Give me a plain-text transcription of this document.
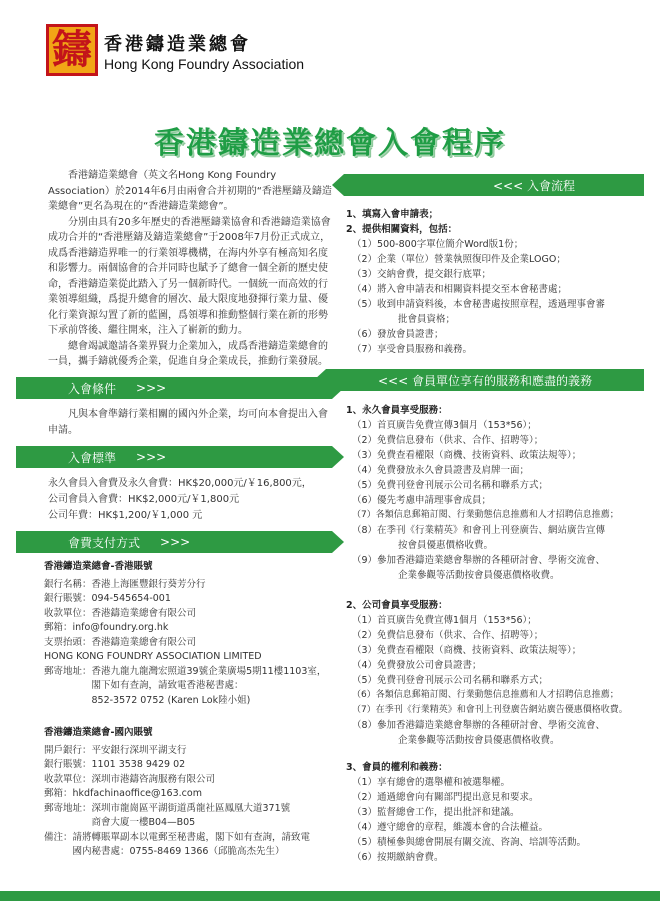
鑄 香港鑄造業總會
Hong Kong Foundry Association
香港鑄造業總會入會程序

香港鑄造業總會（英文名Hong Kong Foundry Association）於2014年6月由兩會合并初期的“香港壓鑄及鑄造業總會”更名為現在的“香港鑄造業總會”。

分別由具有20多年歷史的香港壓鑄業協會和香港鑄造業協會成功合并的“香港壓鑄及鑄造業總會”于2008年7月份正式成立，成爲香港鑄造界唯一的行業領導機構，在海内外享有極高知名度和影響力。兩個協會的合并同時也賦予了總會一個全新的歷史使命，香港鑄造業從此踏入了另一個新時代。一個統一而高效的行業領導組織，爲提升總會的層次、最大限度地發揮行業力量、優化行業資源勾置了新的藍圖，爲領導和推動整個行業在新的形勢下承前啓後、繼往開來，注入了嶄新的動力。

總會竭誠邀請各業界賢力企業加入，成爲香港鑄造業總會的一員，攜手鑄就優秀企業，促進自身企業成長，推動行業發展。

入會條件 >>>

凡與本會準鑄行業相關的國內外企業，均可向本會提出入會申請。

入會標準 >>>
永久會員入會費及永久會費：HK$20,000元/￥16,800元，
公司會員入會費：HK$2,000元/￥1,800元
公司年費：HK$1,200/￥1,000 元
會費支付方式 >>>
香港鑄造業總會-香港賬號
銀行名稱：香港上海匯豐銀行葵芳分行
銀行賬號：094-545654-001
收款單位：香港鑄造業總會有限公司
郵箱：info@foundry.org.hk
支票抬頭：香港鑄造業總會有限公司
HONG KONG FOUNDRY ASSOCIATION LIMITED
郵寄地址：香港九龍九龍灣宏照道39號企業廣場5期11樓1103室，
　　　　　閣下如有查詢，請致電香港秘書處：
　　　　　852-3572 0752 (Karen Lok陸小姐)
香港鑄造業總會-國內賬號
開戶銀行：平安銀行深圳平湖支行
銀行賬號：1101 3538 9429 02
收款單位：深圳市港鑄咨詢服務有限公司
郵箱：hkdfachinaoffice@163.com
郵寄地址：深圳市龍崗區平湖街道禹龍社區鳳凰大道371號
　　　　　商會大廈一樓B04—B05
備注：請將轉賬單副本以電郵至秘書處，閣下如有查詢，請致電
　　　國内秘書處：0755-8469 1366（邱脆高杰先生）
<<< 入會流程
1、填寫入會申請表；
2、提供相關資料，包括：
（1）500-800字單位簡介Word版1份；
（2）企業（單位）營業執照復印件及企業LOGO；
（3）交納會費，提交銀行底單；
（4）將入會申請表和相關資料提交至本會秘書處；
（5）收到申請資料後，本會秘書處按照章程，透過理事會審
批會員資格；
（6）發放會員證書；
（7）享受會員服務和義務。
<<< 會員單位享有的服務和應盡的義務
1、永久會員享受服務：
（1）首頁廣告免費宣傳3個月（153*56）；
（2）免費信息發布（供求、合作、招聘等）；
（3）免費查看權限（商機、技術資料、政策法規等）；
（4）免費發放永久會員證書及肩牌一面；
（5）免費刊登會刊展示公司名稱和聯系方式；
（6）優先考慮申請理事會成員；
（7）各類信息郵箱訂閱、行業動態信息推薦和人才招聘信息推薦；
（8）在季刊《行業精英》和會刊上刊登廣告、網站廣告宣傳
按會員優惠價格收費。
（9）參加香港鑄造業總會舉辦的各種研討會、學術交流會、
企業參觀等活動按會員優惠價格收費。
2、公司會員享受服務：
（1）首頁廣告免費宣傳1個月（153*56）；
（2）免費信息發布（供求、合作、招聘等）；
（3）免費查看權限（商機、技術資料、政策法規等）；
（4）免費發放公司會員證書；
（5）免費刊登會刊展示公司名稱和聯系方式；
（6）各類信息郵箱訂閱、行業動態信息推薦和人才招聘信息推薦；
（7）在季刊《行業精英》和會刊上刊登廣告網站廣告優惠價格收費。
（8）參加香港鑄造業總會舉辦的各種研討會、學術交流會、
企業參觀等活動按會員優惠價格收費。
3、會員的權利和義務：
（1）享有總會的選舉權和被選舉權。
（2）通過總會向有關部門提出意見和要求。
（3）監督總會工作，提出批評和建議。
（4）遵守總會的章程，維護本會的合法權益。
（5）積極參與總會開展有關交流、咨詢、培訓等活動。
（6）按期繳納會費。
